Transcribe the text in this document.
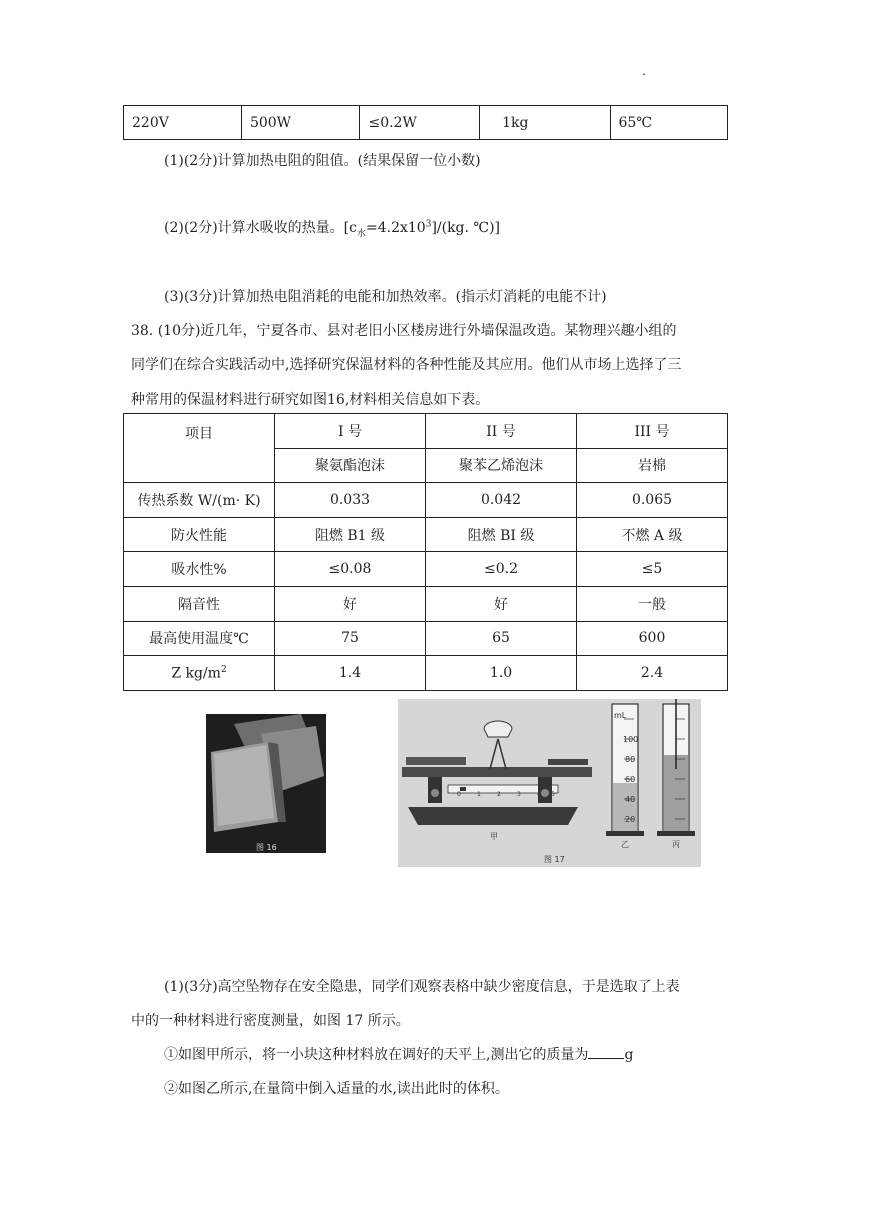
.
220V	500W	≤0.2W	1kg	65℃
(1)(2分)计算加热电阻的阻值。(结果保留一位小数)
(2)(2分)计算水吸收的热量。$[c_水=4.2x10^3]/(kg$. ℃)]
(3)(3分)计算加热电阻消耗的电能和加热效率。(指示灯消耗的电能不计)
38. (10分)近几年，宁夏各市、县对老旧小区楼房进行外墙保温改造。某物理兴趣小组的
同学们在综合实践活动中,选择研究保温材料的各种性能及其应用。他们从市场上选择了三
种常用的保温材料进行研究如图16,材料相关信息如下表。
项目	I 号	II 号	III 号
	聚氨酯泡沫	聚苯乙烯泡沫	岩棉
传热系数 W/(m· K)	0.033	0.042	0.065
防火性能	阻燃 B1 级	阻燃 BI 级	不燃 A 级
吸水性%	≤0.08	≤0.2	≤5
隔音性	好	好	一般
最高使用温度℃	75	65	600
Z $kg/m^2$	1.4	1.0	2.4
图 16
mL
100
80
60
40
20
0	1	2	3	4 5
甲
乙	丙
图 17
(1)(3分)高空坠物存在安全隐患，同学们观察表格中缺少密度信息，于是选取了上表
中的一种材料进行密度测量，如图 17 所示。
①如图甲所示，将一小块这种材料放在调好的天平上,测出它的质量为	g
②如图乙所示,在量筒中倒入适量的水,读出此时的体积。
